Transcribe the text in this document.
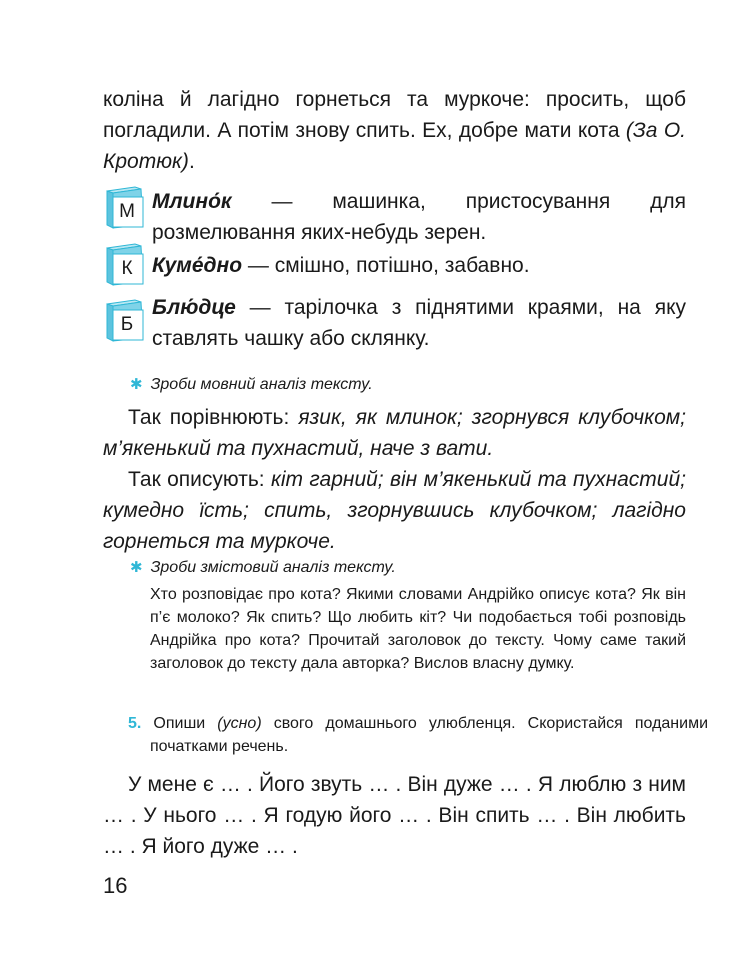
коліна й лагідно горнеться та муркоче: просить, щоб погладили. А потім знову спить. Ех, добре мати кота (За О. Кротюк).
М Млино́к — машинка, пристосування для розмелювання яких-небудь зерен.
К Куме́дно — смішно, потішно, забавно.
Б
Блю́дце — тарілочка з піднятими краями, на яку ставлять чашку або склянку.
✱ Зроби мовний аналіз тексту.
Так порівнюють: язик, як млинок; згорнувся клубочком; м’якенький та пухнастий, наче з вати.
Так описують: кіт гарний; він м’якенький та пухнастий; кумедно їсть; спить, згорнувшись клубочком; лагідно горнеться та муркоче.
✱ Зроби змістовий аналіз тексту.
Хто розповідає про кота? Якими словами Андрійко описує кота? Як він п’є молоко? Як спить? Що любить кіт? Чи подобається тобі розповідь Андрійка про кота? Прочитай заголовок до тексту. Чому саме такий заголовок до тексту дала авторка? Вислов власну думку.
5. Опиши (усно) свого домашнього улюбленця. Скористайся поданими початками речень.
У мене є … . Його звуть … . Він дуже … . Я люблю з ним … . У нього … . Я годую його … . Він спить … . Він любить … . Я його дуже … .
16
